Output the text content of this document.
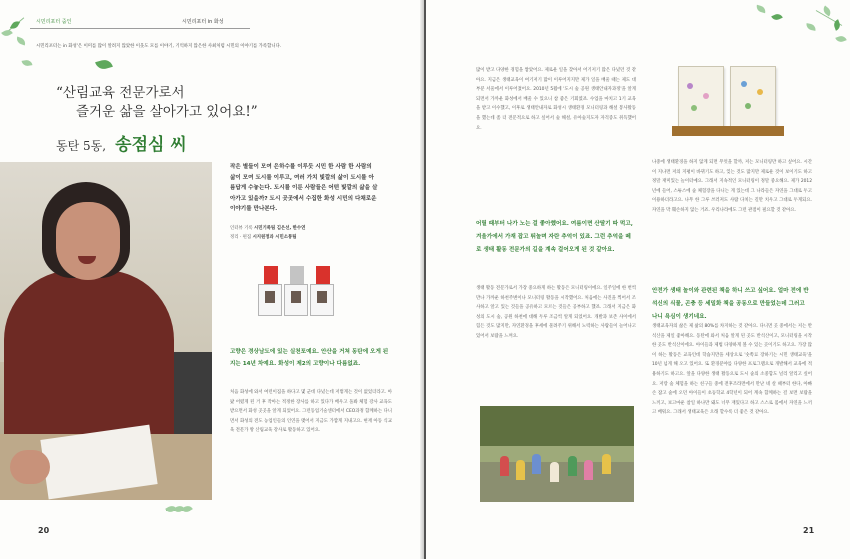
시민리포터 줌인	시민리포터 in 화성
시민리포터는 in 화성'은 이미를 많이 알려지 않았한 이웃도 모를 이야기, 기억하지 않은한 사최처럼 시민의 이야기를 가록합니다.
“산림교육 전문가로서
즐거운 삶을 살아가고 있어요!”
동탄 5동, 송점심 씨
작은 별들이 모여 은하수를 이루듯 시민 한 사람 한 사람의 삶이 모여 도시를 이루고, 여러 가치 빛깔의 삶이 도시를 아름답게 수놓는다. 도시를 이룬 사람들은 어떤 빛깔의 삶을 살아가고 있을까? 도시 곳곳에서 수집한 화성 시민의 다채로운 이야기를 만나본다.
인터뷰 기록 시민기록팀 김은선, 한수연
정리 · 편집 시지원정과 시민소통팀
고향은 경상남도에 있는 실천포예요. 안산을 거쳐 동탄에 오게 된 지는 14년 차예요. 화성이 제2의 고향이나 다름없죠.
처음 화성에 와서 여런이집을 하다고 몇 군데 다녔는데 저렇게는 것이 없었더라고. 아팠 어렸게 된 거 후 작아는 적정한 장사를 하고 있다가 배우고 돌봐 체험 강사 교육도 받으면서 화성 곳곳을 알게 되었어요. 그런동업기술센터에서 CEO과정 함께하는 다니면서 화성의 전도 농업인들의 인연을 맺어서 지금도 가깝게 지내고요. 현재 아동 식교육 전문가 방 산림교육 강사로 활동하고 있어요.
20
많이 받고 다양한 경험을 쌓았어요. 제로운 일을 찾아서 어기저기 많은 다녔던 것 같아요. 지금은 생태교육이 여기저기 많이 이루어지지만 제가 일을 배울 때는 제도 대부분 서울에서 이루어졌어요. 2010년 5월에 '도시 숲 공원 생태안내자과정'을 알게되면서 가까운 화성에서 배울 수 있으니 참 좋은 기회였죠. 수업을 마치고 1기 교육을 받고 이수했고, 이후로 생태안내자로 화성시 생태환경 모니터링과 해설 봉사활동을 했는데 좀 더 전문적으로 하고 싶어서 숲 해설, 유아숲지도자 자격증도 취득했어요.
어릴 때부터 나가 노는 걸 좋아했어요. 여름이면 산딸기 따 먹고, 겨울가에서 가재 잡고 뛰놀며 자란 추억이 있죠. 그런 추억을 떼로 생태 활동 전문가의 길을 계속 걸어오게 된 것 같아요.
생태 활동 전문가로서 가장 중요하게 하는 활동은 모니터링이에요. 일주일에 한 번씩 만나 가까운 하천주변이나 모니터링 활동을 시작했어요. 처음에는 사진을 찍어서 조사하고 알고 있는 것들을 공유하고 모르는 것들은 공부하고 했죠. 그래서 지금은 화성의 도시 숲, 공원 하천에 대해 두루 조금씩 알게 되었어요. 개발과 보존 사이에서 힘든 것도 많지만, 자연환경을 후세에 물려주기 위해서 노력하는 사람들이 늘어나고 있어서 보람을 느껴요.
나중에 생태환경을 하지 않게 되면 무엇을 할까, 저는 모니터링만 하고 싶어요. 시간이 지나면 저의 지평이 바뀌기도 하고, 잊는 것도 많지만 제로운 것이 보이기도 하고 정말 재미있는 놀이터예요. 그래서 지속적인 모니터링이 정말 중요해요. 제가 2012년에 들어, 스튜스에 숲 체험장을 다니는 게 있는데 그 나라들은 자연을 그대로 두고 이용하더라고요. 나무 한 그루 쓰러져도 사람 다치는 길만 치우고 그대로 두게되요. 자연을 막 훼손하지 않는 거죠. 우리나라에도 그런 관점이 필요할 것 같아요.
안전가 생태 놀이와 관련된 책을 하니 쓰고 싶어요. 얼마 전에 반석신의 식물, 곤충 등 세밀화 책을 공동으로 만들었는데 그러고 나니 욕심이 생기네요.
생태교육자의 삶은 제 삶의 80%를 차지하는 것 같아요. 다니면 곳 중에서는 저는 반석산을 제일 좋아해요. 동탄에 와서 처음 알게 된 곳도 반석산이고, 모니터링을 시작한 곳도 반석산이에요. 아이들과 제법 다양하게 볼 수 있는 곳이기도 하고요. 가장 많이 하는 활동은 교육인데 학습지만을 세상으로 '숫쪽료 장하기는 시민 생태교육'을 10년 넘게 해 오고 있어요. 또 환경분야를 다양한 프로그램으로 개발해서 교육에 적용하기도 하고요. 앞을 다양한 생태 활동으로 도시 숲의 소중함도 널리 알리고 싶어요. 저랑 숲 체험을 하는 친구들 중에 전후조라면에서 만난 네 살 때부터 한다, 아빠손 잡고 숲에 오던 아이들이 초등학교 4학년이 되어 계속 함께하는 걸 보면 보람을 느끼고, 보고마운 참일 하나만 돼도 너무 재밌다고 하고 스스로 몸에서 자연을 느끼고 배워요. 그래서 생태교육은 오래 할수록 더 좋은 것 같아요.
21
